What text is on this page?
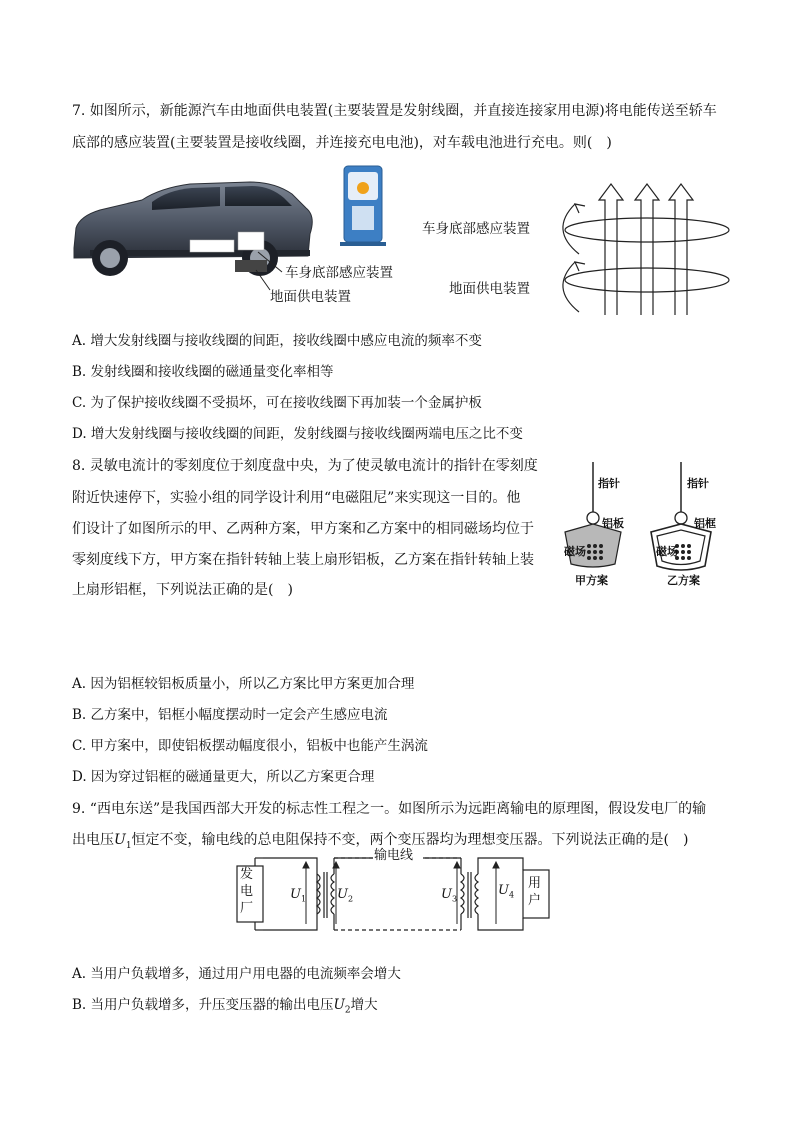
7. 如图所示，新能源汽车由地面供电装置(主要装置是发射线圈，并直接连接家用电源)将电能传送至轿车
底部的感应装置(主要装置是接收线圈，并连接充电电池)，对车载电池进行充电。则(　)
车身底部感应装置
地面供电装置
车身底部感应装置
地面供电装置
A. 增大发射线圈与接收线圈的间距，接收线圈中感应电流的频率不变
B. 发射线圈和接收线圈的磁通量变化率相等
C. 为了保护接收线圈不受损坏，可在接收线圈下再加装一个金属护板
D. 增大发射线圈与接收线圈的间距，发射线圈与接收线圈两端电压之比不变
8. 灵敏电流计的零刻度位于刻度盘中央，为了使灵敏电流计的指针在零刻度
附近快速停下，实验小组的同学设计利用“电磁阻尼”来实现这一目的。他
们设计了如图所示的甲、乙两种方案，甲方案和乙方案中的相同磁场均位于
零刻度线下方，甲方案在指针转轴上装上扇形铝板，乙方案在指针转轴上装
上扇形铝框，下列说法正确的是(　)
指针
铝板
磁场
甲方案
指针
铝框
磁场
乙方案
A. 因为铝框较铝板质量小，所以乙方案比甲方案更加合理
B. 乙方案中，铝框小幅度摆动时一定会产生感应电流
C. 甲方案中，即使铝板摆动幅度很小，铝板中也能产生涡流
D. 因为穿过铝框的磁通量更大，所以乙方案更合理
9. “西电东送”是我国西部大开发的标志性工程之一。如图所示为远距离输电的原理图，假设发电厂的输
出电压$U_1$恒定不变，输电线的总电阻保持不变，两个变压器均为理想变压器。下列说法正确的是(　)
发
电
厂
用
户
输电线
$U_1$ $U_2$	$U_3$
$U_4$
A. 当用户负载增多，通过用户用电器的电流频率会增大
B. 当用户负载增多，升压变压器的输出电压$U_2$增大
